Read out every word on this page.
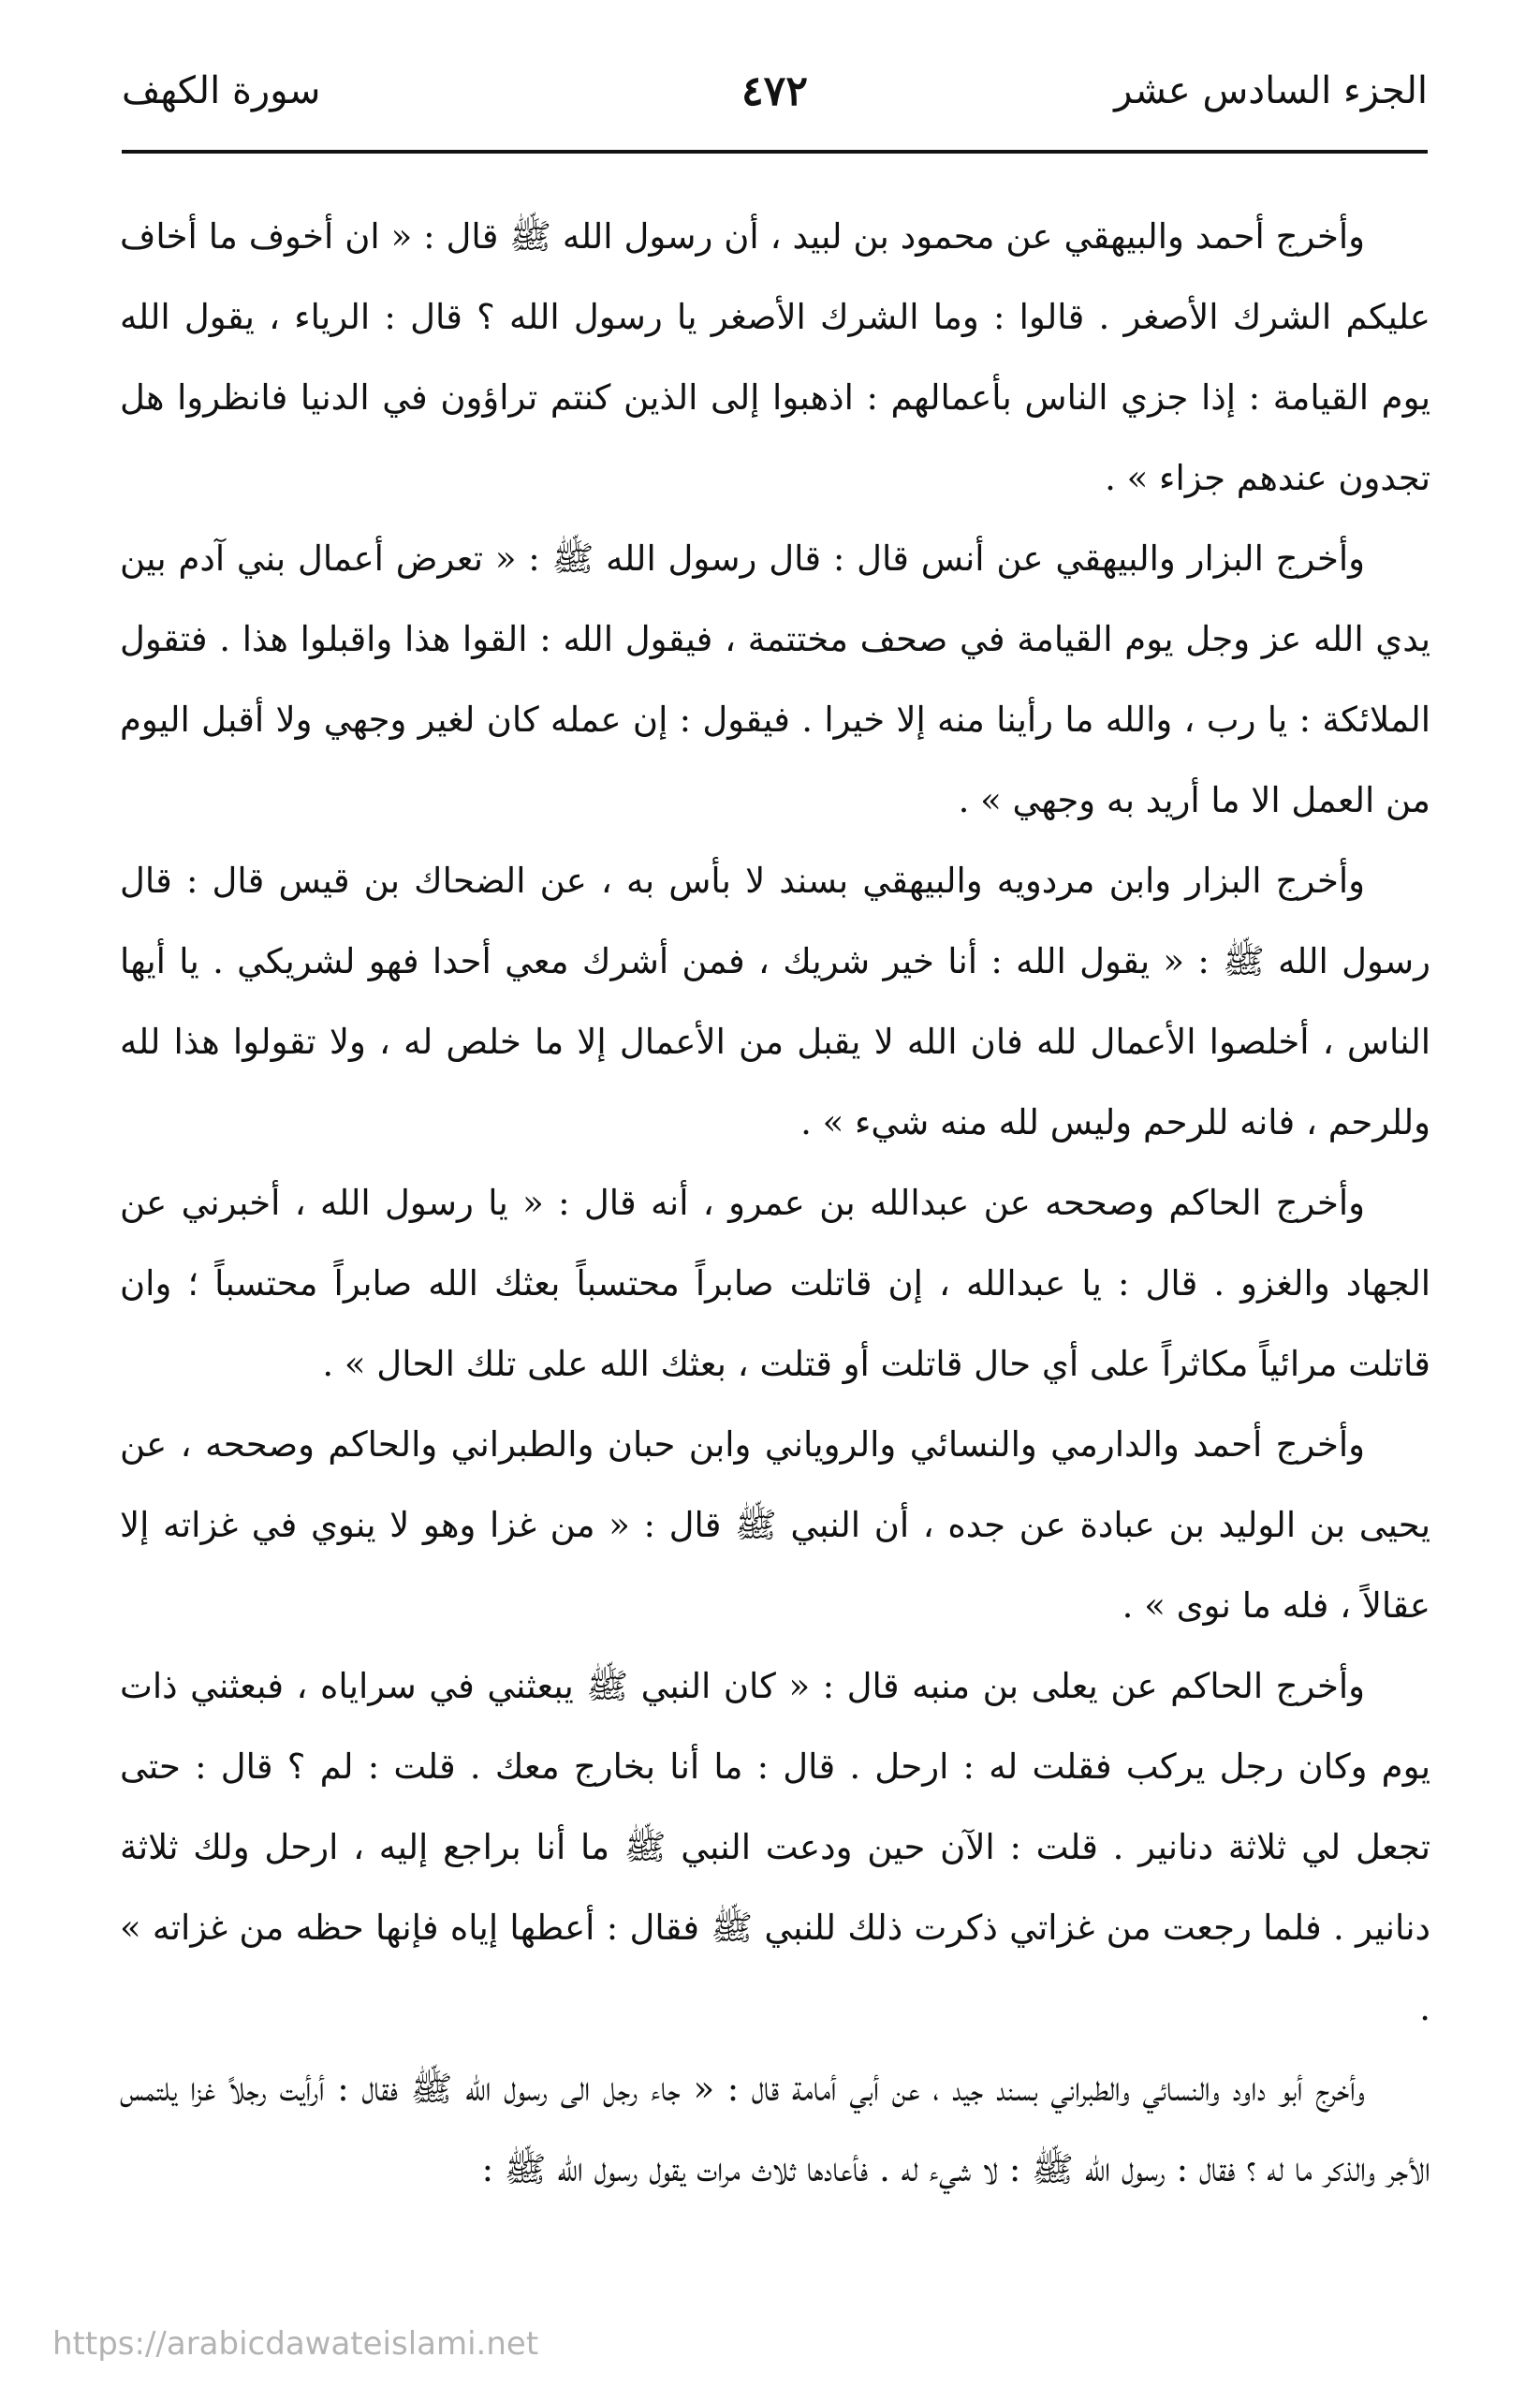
الجزء السادس عشر
٤٧٢
سورة الكهف

وأخرج أحمد والبيهقي عن محمود بن لبيد ، أن رسول الله ﷺ قال : « ان أخوف ما أخاف عليكم الشرك الأصغر . قالوا : وما الشرك الأصغر يا رسول الله ؟ قال : الرياء ، يقول الله يوم القيامة : إذا جزي الناس بأعمالهم : اذهبوا إلى الذين كنتم تراؤون في الدنيا فانظروا هل تجدون عندهم جزاء » .

وأخرج البزار والبيهقي عن أنس قال : قال رسول الله ﷺ : « تعرض أعمال بني آدم بين يدي الله عز وجل يوم القيامة في صحف مختتمة ، فيقول الله : القوا هذا واقبلوا هذا . فتقول الملائكة : يا رب ، والله ما رأينا منه إلا خيرا . فيقول : إن عمله كان لغير وجهي ولا أقبل اليوم من العمل الا ما أريد به وجهي » .

وأخرج البزار وابن مردويه والبيهقي بسند لا بأس به ، عن الضحاك بن قيس قال : قال رسول الله ﷺ : « يقول الله : أنا خير شريك ، فمن أشرك معي أحدا فهو لشريكي . يا أيها الناس ، أخلصوا الأعمال لله فان الله لا يقبل من الأعمال إلا ما خلص له ، ولا تقولوا هذا لله وللرحم ، فانه للرحم وليس لله منه شيء » .

وأخرج الحاكم وصححه عن عبدالله بن عمرو ، أنه قال : « يا رسول الله ، أخبرني عن الجهاد والغزو . قال : يا عبدالله ، إن قاتلت صابراً محتسباً بعثك الله صابراً محتسباً ؛ وان قاتلت مرائياً مكاثراً على أي حال قاتلت أو قتلت ، بعثك الله على تلك الحال » .

وأخرج أحمد والدارمي والنسائي والروياني وابن حبان والطبراني والحاكم وصححه ، عن يحيى بن الوليد بن عبادة عن جده ، أن النبي ﷺ قال : « من غزا وهو لا ينوي في غزاته إلا عقالاً ، فله ما نوى » .

وأخرج الحاكم عن يعلى بن منبه قال : « كان النبي ﷺ يبعثني في سراياه ، فبعثني ذات يوم وكان رجل يركب فقلت له : ارحل . قال : ما أنا بخارج معك . قلت : لم ؟ قال : حتى تجعل لي ثلاثة دنانير . قلت : الآن حين ودعت النبي ﷺ ما أنا براجع إليه ، ارحل ولك ثلاثة دنانير . فلما رجعت من غزاتي ذكرت ذلك للنبي ﷺ فقال : أعطها إياه فإنها حظه من غزاته » .

وأخرج أبو داود والنسائي والطبراني بسند جيد ، عن أبي أمامة قال : « جاء رجل الى رسول الله ﷺ فقال : أرأيت رجلاً غزا يلتمس الأجر والذكر ما له ؟ فقال : رسول الله ﷺ : لا شيء له . فأعادها ثلاث مرات يقول رسول الله ﷺ :

https://arabicdawateislami.net
